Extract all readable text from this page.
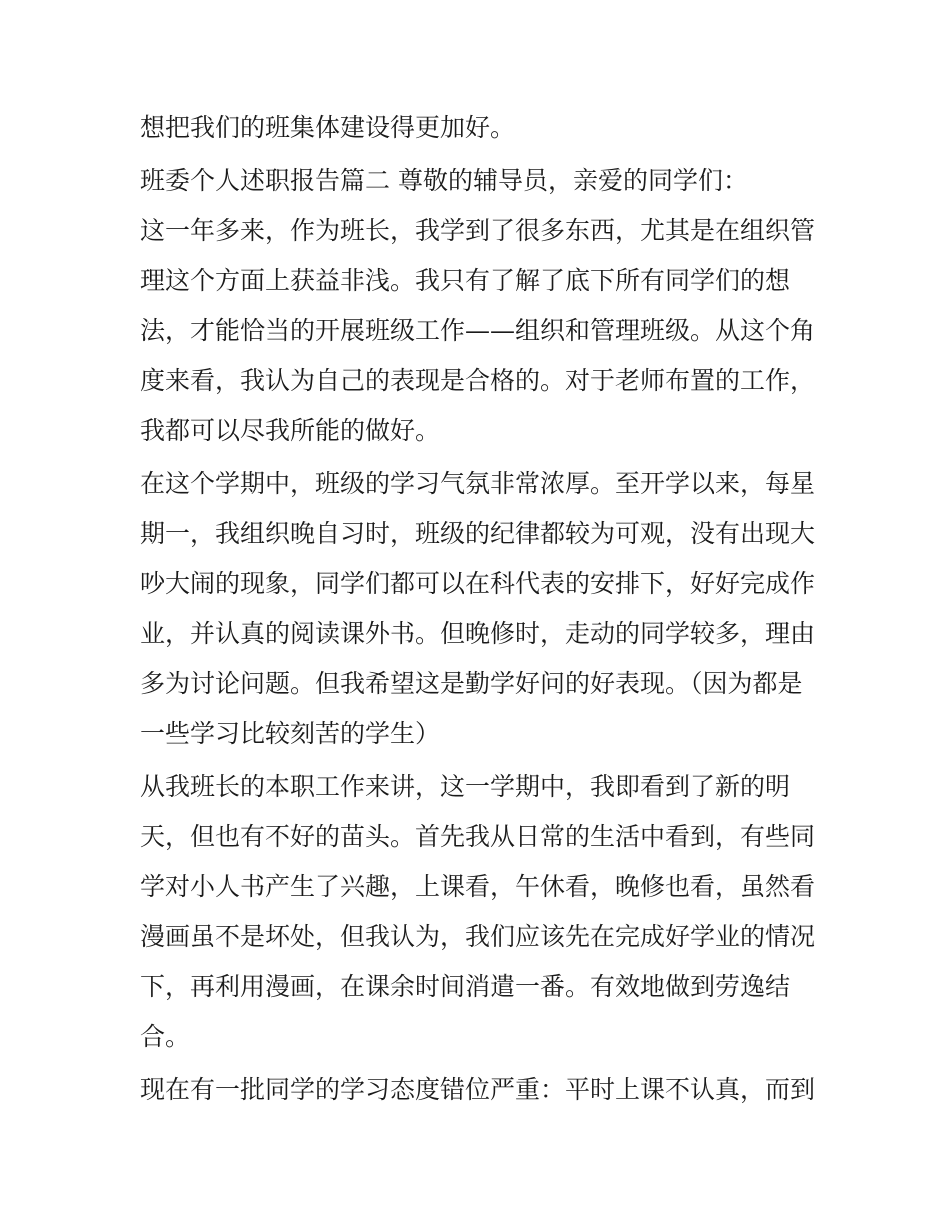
想把我们的班集体建设得更加好。
班委个人述职报告篇二 尊敬的辅导员，亲爱的同学们：
这一年多来，作为班长，我学到了很多东西，尤其是在组织管
理这个方面上获益非浅。我只有了解了底下所有同学们的想
法，才能恰当的开展班级工作——组织和管理班级。从这个角
度来看，我认为自己的表现是合格的。对于老师布置的工作，
我都可以尽我所能的做好。
在这个学期中，班级的学习气氛非常浓厚。至开学以来，每星
期一，我组织晚自习时，班级的纪律都较为可观，没有出现大
吵大闹的现象，同学们都可以在科代表的安排下，好好完成作
业，并认真的阅读课外书。但晚修时，走动的同学较多，理由
多为讨论问题。但我希望这是勤学好问的好表现。（因为都是
一些学习比较刻苦的学生）
从我班长的本职工作来讲，这一学期中，我即看到了新的明
天，但也有不好的苗头。首先我从日常的生活中看到，有些同
学对小人书产生了兴趣，上课看，午休看，晚修也看，虽然看
漫画虽不是坏处，但我认为，我们应该先在完成好学业的情况
下，再利用漫画，在课余时间消遣一番。有效地做到劳逸结
合。
现在有一批同学的学习态度错位严重：平时上课不认真，而到
